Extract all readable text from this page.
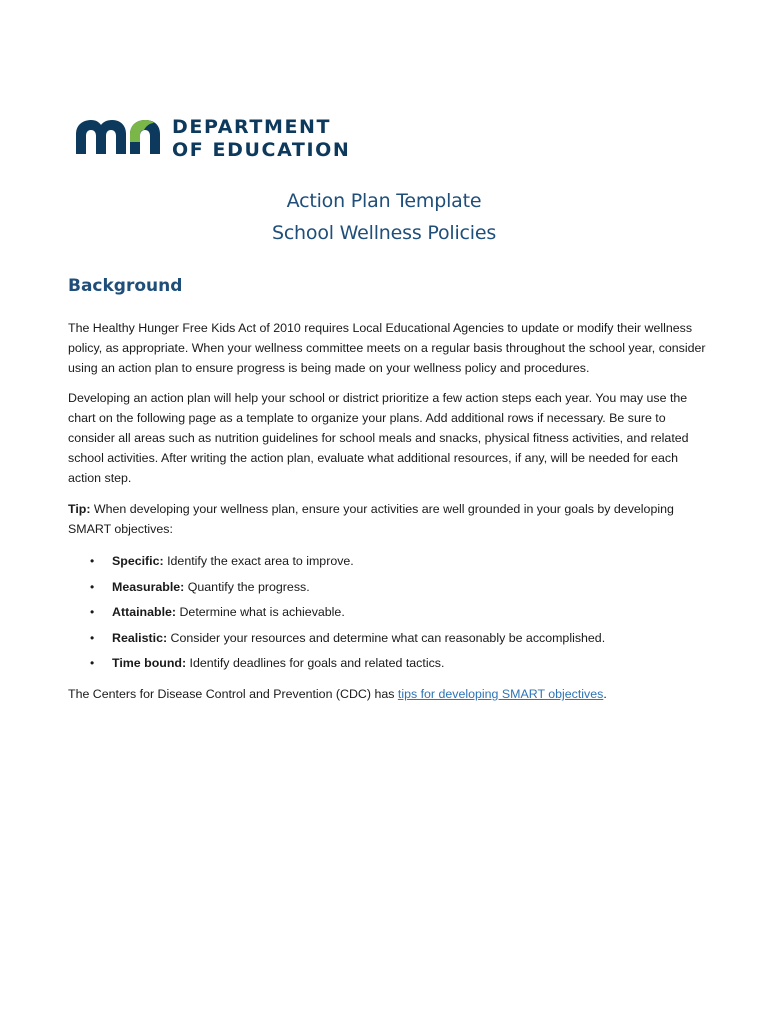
DEPARTMENT
OF EDUCATION
Action Plan Template
School Wellness Policies
Background
The Healthy Hunger Free Kids Act of 2010 requires Local Educational Agencies to update or modify their wellness policy, as appropriate. When your wellness committee meets on a regular basis throughout the school year, consider using an action plan to ensure progress is being made on your wellness policy and procedures.
Developing an action plan will help your school or district prioritize a few action steps each year. You may use the chart on the following page as a template to organize your plans. Add additional rows if necessary. Be sure to consider all areas such as nutrition guidelines for school meals and snacks, physical fitness activities, and related school activities. After writing the action plan, evaluate what additional resources, if any, will be needed for each action step.
Tip: When developing your wellness plan, ensure your activities are well grounded in your goals by developing SMART objectives:
• Specific: Identify the exact area to improve.
• Measurable: Quantify the progress.
• Attainable: Determine what is achievable.
• Realistic: Consider your resources and determine what can reasonably be accomplished.
• Time bound: Identify deadlines for goals and related tactics.
The Centers for Disease Control and Prevention (CDC) has tips for developing SMART objectives.
